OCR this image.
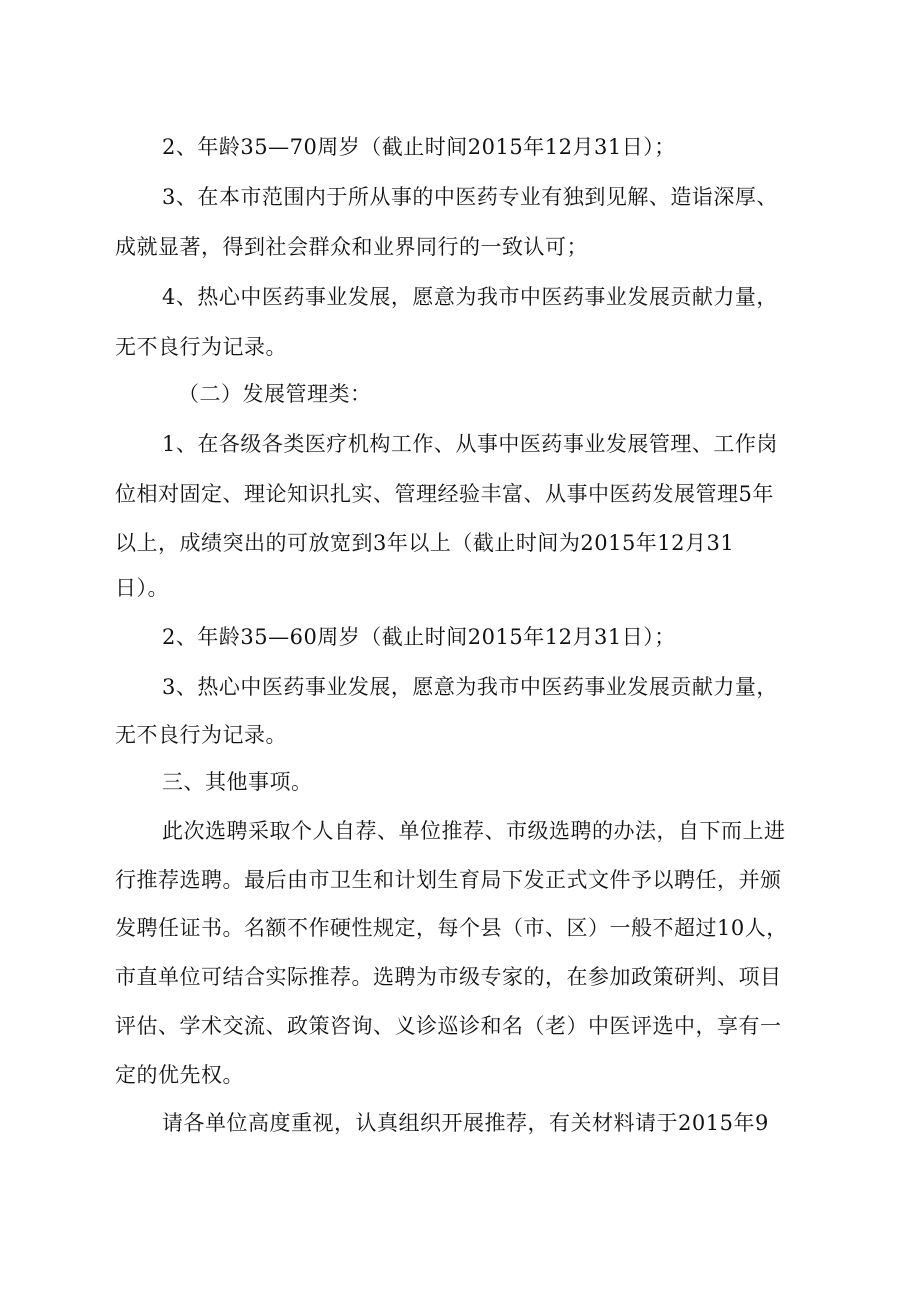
2、年龄35—70周岁（截止时间2015年12月31日）；
3、在本市范围内于所从事的中医药专业有独到见解、造诣深厚、
成就显著，得到社会群众和业界同行的一致认可；
4、热心中医药事业发展，愿意为我市中医药事业发展贡献力量，
无不良行为记录。
（二）发展管理类：
1、在各级各类医疗机构工作、从事中医药事业发展管理、工作岗
位相对固定、理论知识扎实、管理经验丰富、从事中医药发展管理5年
以上，成绩突出的可放宽到3年以上（截止时间为2015年12月31
日）。
2、年龄35—60周岁（截止时间2015年12月31日）；
3、热心中医药事业发展，愿意为我市中医药事业发展贡献力量，
无不良行为记录。
三、其他事项。
此次选聘采取个人自荐、单位推荐、市级选聘的办法，自下而上进
行推荐选聘。最后由市卫生和计划生育局下发正式文件予以聘任，并颁
发聘任证书。名额不作硬性规定，每个县（市、区）一般不超过10人，
市直单位可结合实际推荐。选聘为市级专家的，在参加政策研判、项目
评估、学术交流、政策咨询、义诊巡诊和名（老）中医评选中，享有一
定的优先权。
请各单位高度重视，认真组织开展推荐，有关材料请于2015年9
